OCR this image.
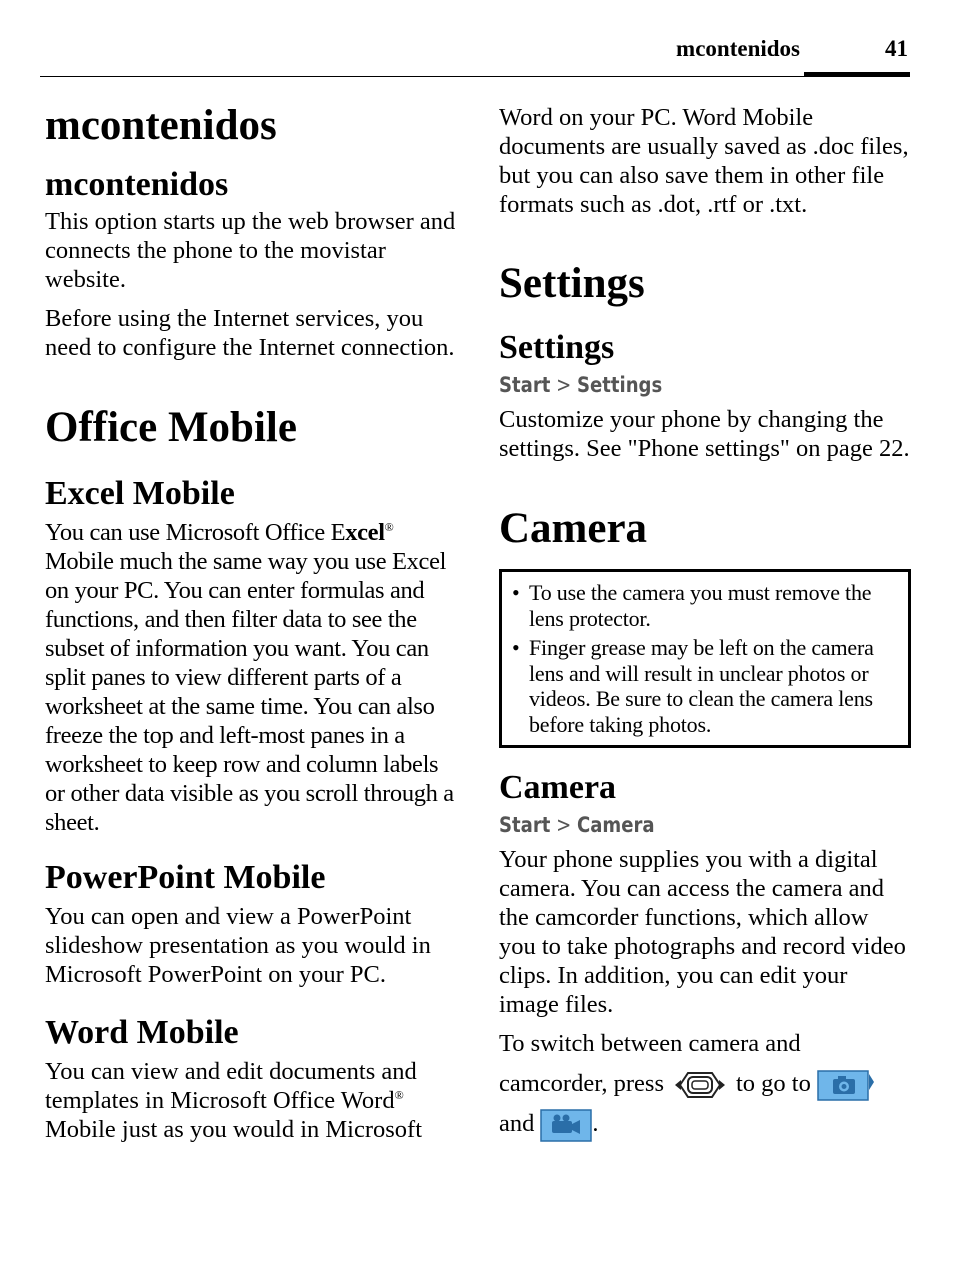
mcontenidos	41
mcontenidos
mcontenidos

This option starts up the web browser and connects the phone to the movistar website.

Before using the Internet services, you need to configure the Internet connection.

Office Mobile
Excel Mobile

You can use Microsoft Office Excel® Mobile much the same way you use Excel on your PC. You can enter formulas and functions, and then filter data to see the subset of information you want. You can split panes to view different parts of a worksheet at the same time. You can also freeze the top and left-most panes in a worksheet to keep row and column labels or other data visible as you scroll through a sheet.

PowerPoint Mobile

You can open and view a PowerPoint slideshow presentation as you would in Microsoft PowerPoint on your PC.

Word Mobile

You can view and edit documents and templates in Microsoft Office Word® Mobile just as you would in Microsoft

Word on your PC. Word Mobile documents are usually saved as .doc files, but you can also save them in other file formats such as .dot, .rtf or .txt.

Settings
Settings
Start > Settings

Customize your phone by changing the settings. See "Phone settings" on page 22.

Camera
• To use the camera you must remove the lens protector.
• Finger grease may be left on the camera lens and will result in unclear photos or videos. Be sure to clean the camera lens before taking photos.
Camera
Start > Camera

Your phone supplies you with a digital camera. You can access the camera and the camcorder functions, which allow you to take photographs and record video clips. In addition, you can edit your image files.

To switch between camera and

camcorder, press	to go to

and .
